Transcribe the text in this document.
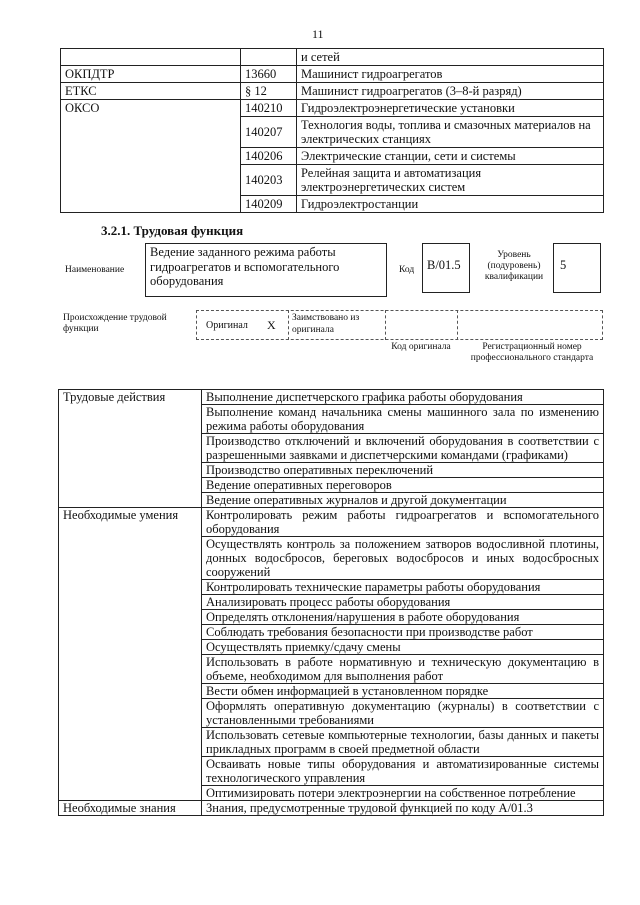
11
		и сетей
ОКПДТР	13660	Машинист гидроагрегатов
ЕТКС	§ 12	Машинист гидроагрегатов (3–8-й разряд)
ОКСО	140210	Гидроэлектроэнергетические установки
	140207	Технология воды, топлива и смазочных материалов на электрических станциях
	140206	Электрические станции, сети и системы
	140203	Релейная защита и автоматизация электроэнергетических систем
	140209	Гидроэлектростанции
3.2.1. Трудовая функция
Наименование
Ведение заданного режима работы гидроагрегатов и вспомогательного оборудования
Код	В/01.5
Уровень (подуровень) квалификации
5
Происхождение трудовой функции	Оригинал X Заимствовано из оригинала
Код оригинала	Регистрационный номер профессионального стандарта
Трудовые действия	Выполнение диспетчерского графика работы оборудования
	Выполнение команд начальника смены машинного зала по изменению режима работы оборудования
	Производство отключений и включений оборудования в соответствии с разрешенными заявками и диспетчерскими командами (графиками)
	Производство оперативных переключений
	Ведение оперативных переговоров
	Ведение оперативных журналов и другой документации
Необходимые умения	Контролировать режим работы гидроагрегатов и вспомогательного оборудования
	Осуществлять контроль за положением затворов водосливной плотины, донных водосбросов, береговых водосбросов и иных водосбросных сооружений
	Контролировать технические параметры работы оборудования
	Анализировать процесс работы оборудования
	Определять отклонения/нарушения в работе оборудования
	Соблюдать требования безопасности при производстве работ
	Осуществлять приемку/сдачу смены
	Использовать в работе нормативную и техническую документацию в объеме, необходимом для выполнения работ
	Вести обмен информацией в установленном порядке
	Оформлять оперативную документацию (журналы) в соответствии с установленными требованиями
	Использовать сетевые компьютерные технологии, базы данных и пакеты прикладных программ в своей предметной области
	Осваивать новые типы оборудования и автоматизированные системы технологического управления
	Оптимизировать потери электроэнергии на собственное потребление
Необходимые знания	Знания, предусмотренные трудовой функцией по коду А/01.3
